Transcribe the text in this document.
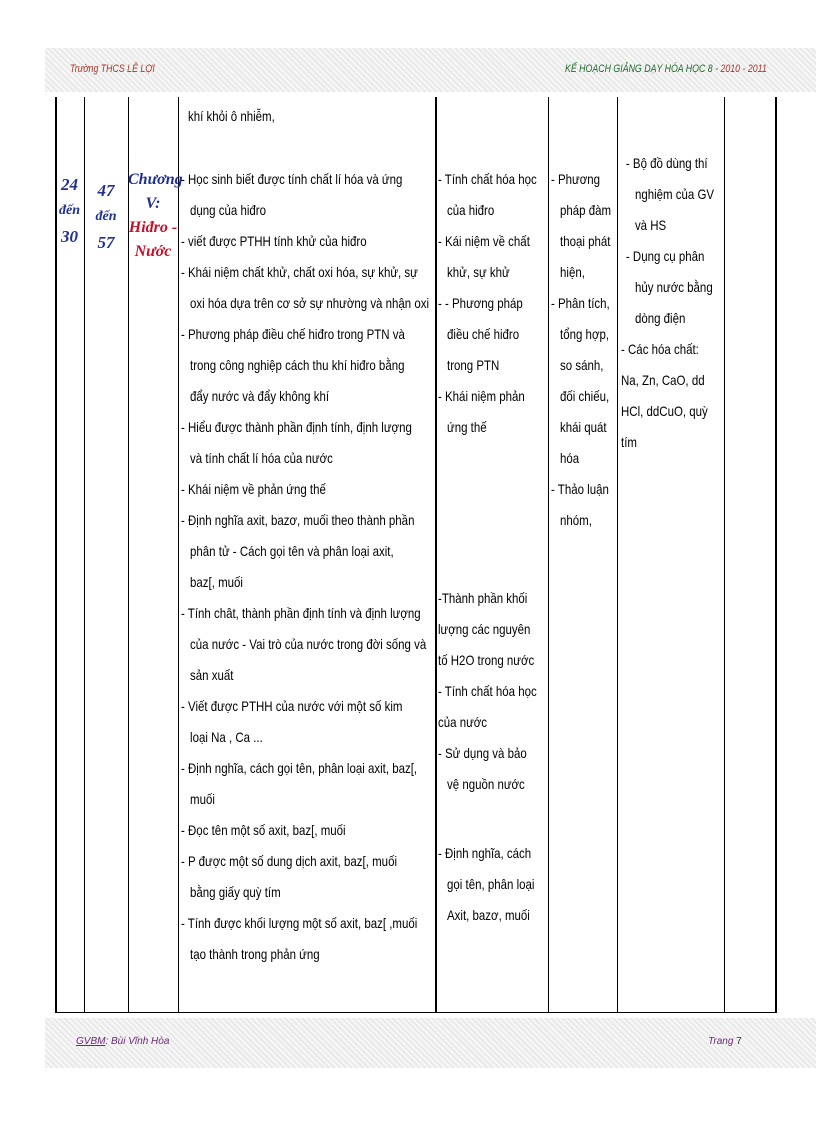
Trường THCS LÊ LỢI	KẾ HOẠCH GIẢNG DẠY HÓA HỌC 8 - 2010 - 2011
GVBM: Bùi Vĩnh Hòa	Trang 7
24
đến
30
47
đến
57
Chương
V:
Hiđro -
Nước
khí khỏi ô nhiễm,
- Học sinh biết được tính chất lí hóa và ứng
dụng của hiđro
- viết được PTHH tính khử của hiđro
- Khái niệm chất khử, chất oxi hóa, sự khử, sự
oxi hóa dựa trên cơ sở sự nhường và nhận oxi
- Phương pháp điều chế hiđro trong PTN và
trong công nghiệp cách thu khí hiđro bằng
đẩy nước và đẩy không khí
- Hiểu được thành phần định tính, định lượng
và tính chất lí hóa của nước
- Khái niệm về phản ứng thế
- Định nghĩa axit, bazơ, muối theo thành phần
phân tử - Cách gọi tên và phân loại axit,
baz[, muối
- Tính chât, thành phần định tính và định lượng
của nước - Vai trò của nước trong đời sống và
sản xuất
- Viết được PTHH của nước với một số kim
loại Na , Ca ...
- Định nghĩa, cách gọi tên, phân loại axit, baz[,
muối
- Đọc tên một số axit, baz[, muối
- P được một số dung dịch axit, baz[, muối
bằng giấy quỳ tím
- Tính được khối lượng một số axit, baz[ ,muối
tạo thành trong phản ứng
- Tính chất hóa học
của hiđro
- Kái niệm về chất
khử, sự khử
- - Phương pháp
điều chế hiđro
trong PTN
- Khái niệm phản
ứng thế
-Thành phần khối
lượng các nguyên
tố H2O trong nước
- Tính chất hóa học
của nước
- Sử dụng và bảo
vệ nguồn nước
- Định nghĩa, cách
gọi tên, phân loại
Axit, bazơ, muối
- Phương
pháp đàm
thoại phát
hiện,
- Phân tích,
tổng hợp,
so sánh,
đối chiếu,
khái quát
hóa
- Thảo luận
nhóm,
- Bộ đồ dùng thí
nghiệm của GV
và HS
- Dụng cụ phân
hủy nước bằng
dòng điện
- Các hóa chất:
Na, Zn, CaO, dd
HCl, ddCuO, quỳ
tím
